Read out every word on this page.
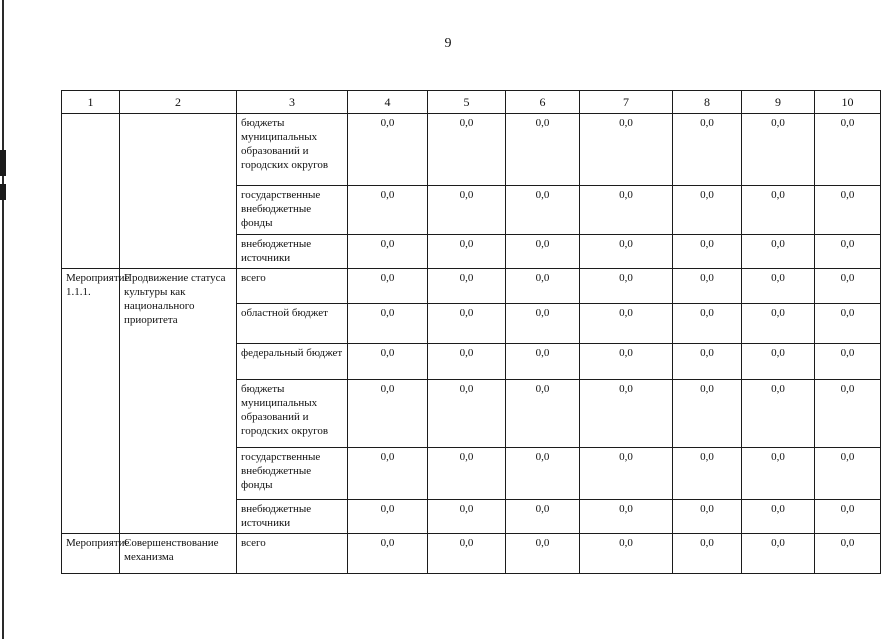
9
1	2	3	4	5	6	7	8	9	10
		бюджеты муниципальных образований и городских округов	0,0	0,0	0,0	0,0	0,0	0,0	0,0
		государственные внебюджетные фонды	0,0	0,0	0,0	0,0	0,0	0,0	0,0
		внебюджетные источники	0,0	0,0	0,0	0,0	0,0	0,0	0,0
Мероприятие 1.1.1.	Продвижение статуса культуры как национального приоритета	всего	0,0	0,0	0,0	0,0	0,0	0,0	0,0
		областной бюджет	0,0	0,0	0,0	0,0	0,0	0,0	0,0
		федеральный бюджет	0,0	0,0	0,0	0,0	0,0	0,0	0,0
		бюджеты муниципальных образований и городских округов	0,0	0,0	0,0	0,0	0,0	0,0	0,0
		государственные внебюджетные фонды	0,0	0,0	0,0	0,0	0,0	0,0	0,0
		внебюджетные источники	0,0	0,0	0,0	0,0	0,0	0,0	0,0
Мероприятие	Совершенствование механизма	всего	0,0	0,0	0,0	0,0	0,0	0,0	0,0
